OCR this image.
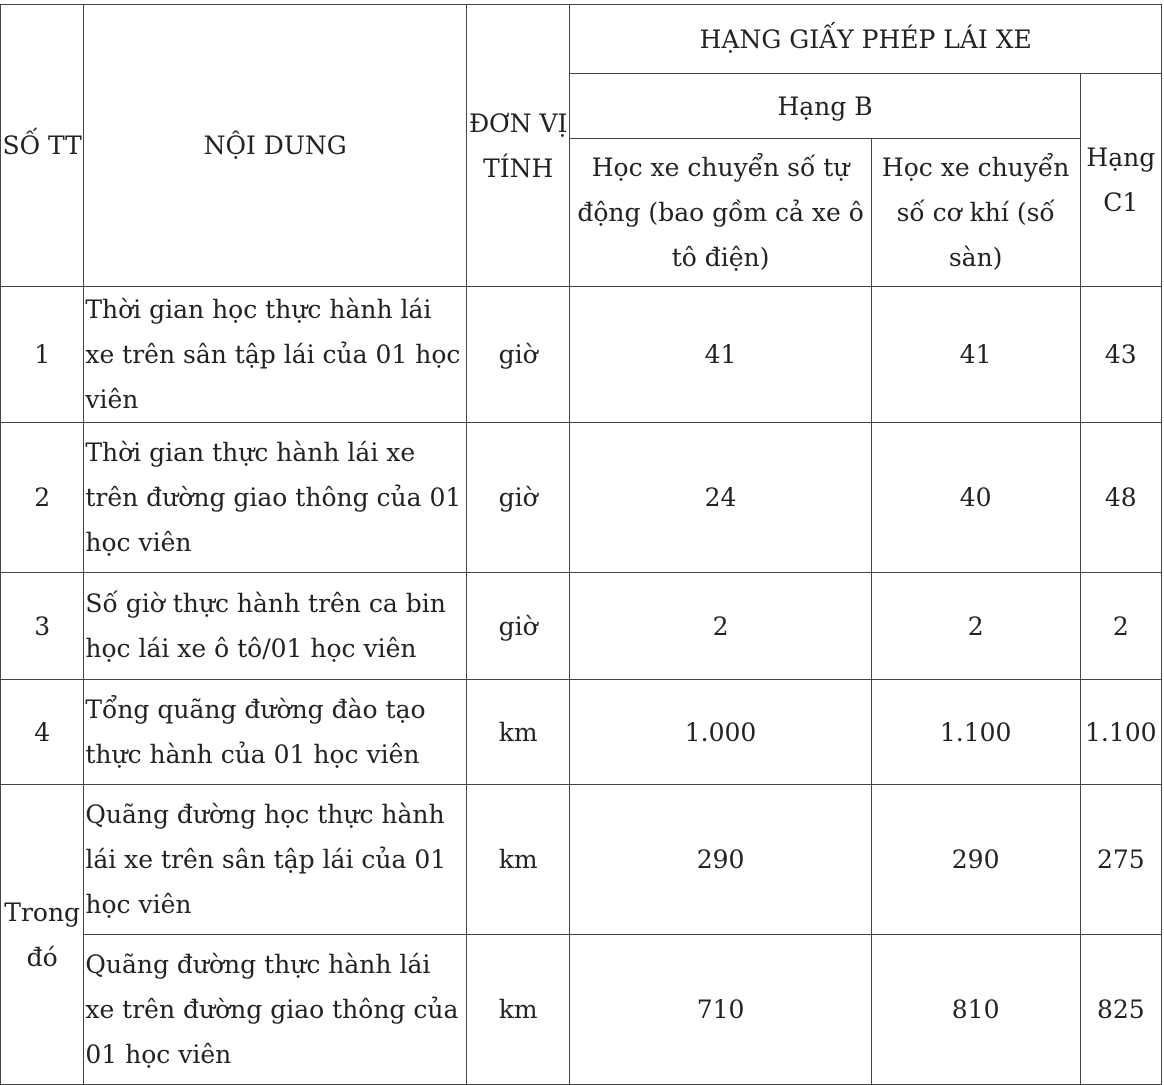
SỐ TT	NỘI DUNG	ĐƠN VỊ TÍNH	HẠNG GIẤY PHÉP LÁI XE		
			Hạng B		Hạng C1
			Học xe chuyển số tự động (bao gồm cả xe ô tô điện)	Học xe chuyển số cơ khí (số sàn)	
1	Thời gian học thực hành lái xe trên sân tập lái của 01 học viên	giờ	41	41	43
2	Thời gian thực hành lái xe trên đường giao thông của 01 học viên	giờ	24	40	48
3	Số giờ thực hành trên ca bin học lái xe ô tô/01 học viên	giờ	2	2	2
4	Tổng quãng đường đào tạo thực hành của 01 học viên	km	1.000	1.100	1.100
Trong đó	Quãng đường học thực hành lái xe trên sân tập lái của 01 học viên	km	290	290	275
	Quãng đường thực hành lái xe trên đường giao thông của 01 học viên	km	710	810	825
